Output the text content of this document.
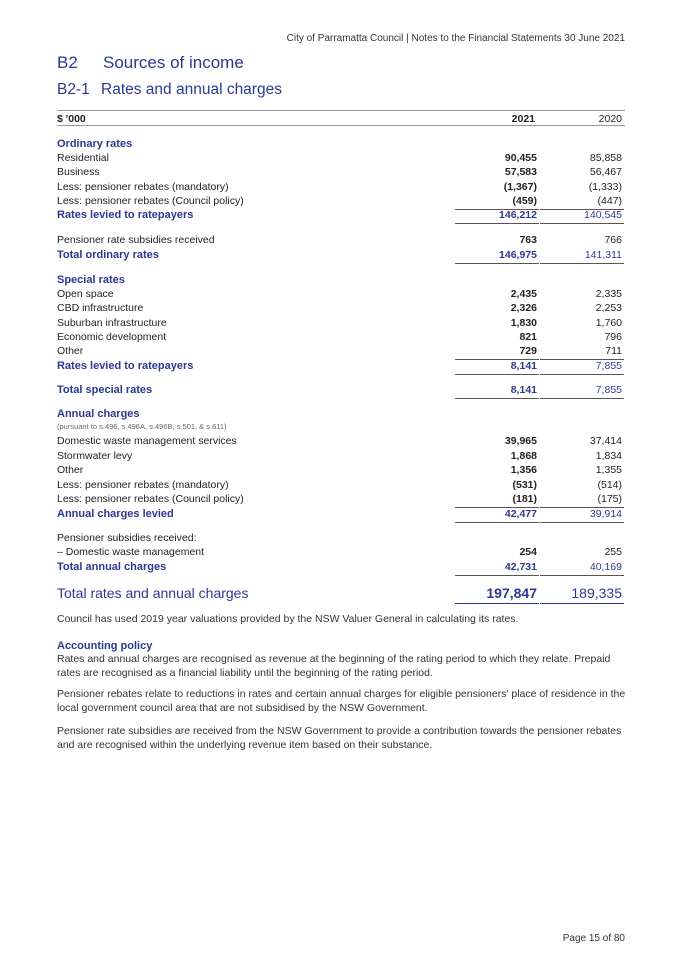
City of Parramatta Council | Notes to the Financial Statements 30 June 2021
B2	Sources of income
B2-1 Rates and annual charges
$ '000	2021	2020
Ordinary rates
Residential	90,455	85,858
Business	57,583	56,467
Less: pensioner rebates (mandatory)	(1,367)	(1,333)
Less: pensioner rebates (Council policy)	(459)	(447)
Rates levied to ratepayers	146,212	140,545
Pensioner rate subsidies received	763	766
Total ordinary rates	146,975	141,311
Special rates
Open space	2,435	2,335
CBD infrastructure	2,326	2,253
Suburban infrastructure	1,830	1,760
Economic development	821	796
Other	729	711
Rates levied to ratepayers	8,141	7,855
Total special rates	8,141	7,855
Annual charges
(pursuant to s.496, s.496A, s.496B, s.501, & s.611)
Domestic waste management services	39,965	37,414
Stormwater levy	1,868	1,834
Other	1,356	1,355
Less: pensioner rebates (mandatory)	(531)	(514)
Less: pensioner rebates (Council policy)	(181)	(175)
Annual charges levied	42,477	39,914
Pensioner subsidies received:
– Domestic waste management	254	255
Total annual charges	42,731	40,169
Total rates and annual charges	197,847	189,335
Council has used 2019 year valuations provided by the NSW Valuer General in calculating its rates.
Accounting policy
Rates and annual charges are recognised as revenue at the beginning of the rating period to which they relate. Prepaid rates are recognised as a financial liability until the beginning of the rating period.
Pensioner rebates relate to reductions in rates and certain annual charges for eligible pensioners' place of residence in the local government council area that are not subsidised by the NSW Government.
Pensioner rate subsidies are received from the NSW Government to provide a contribution towards the pensioner rebates and are recognised within the underlying revenue item based on their substance.
Page 15 of 80
